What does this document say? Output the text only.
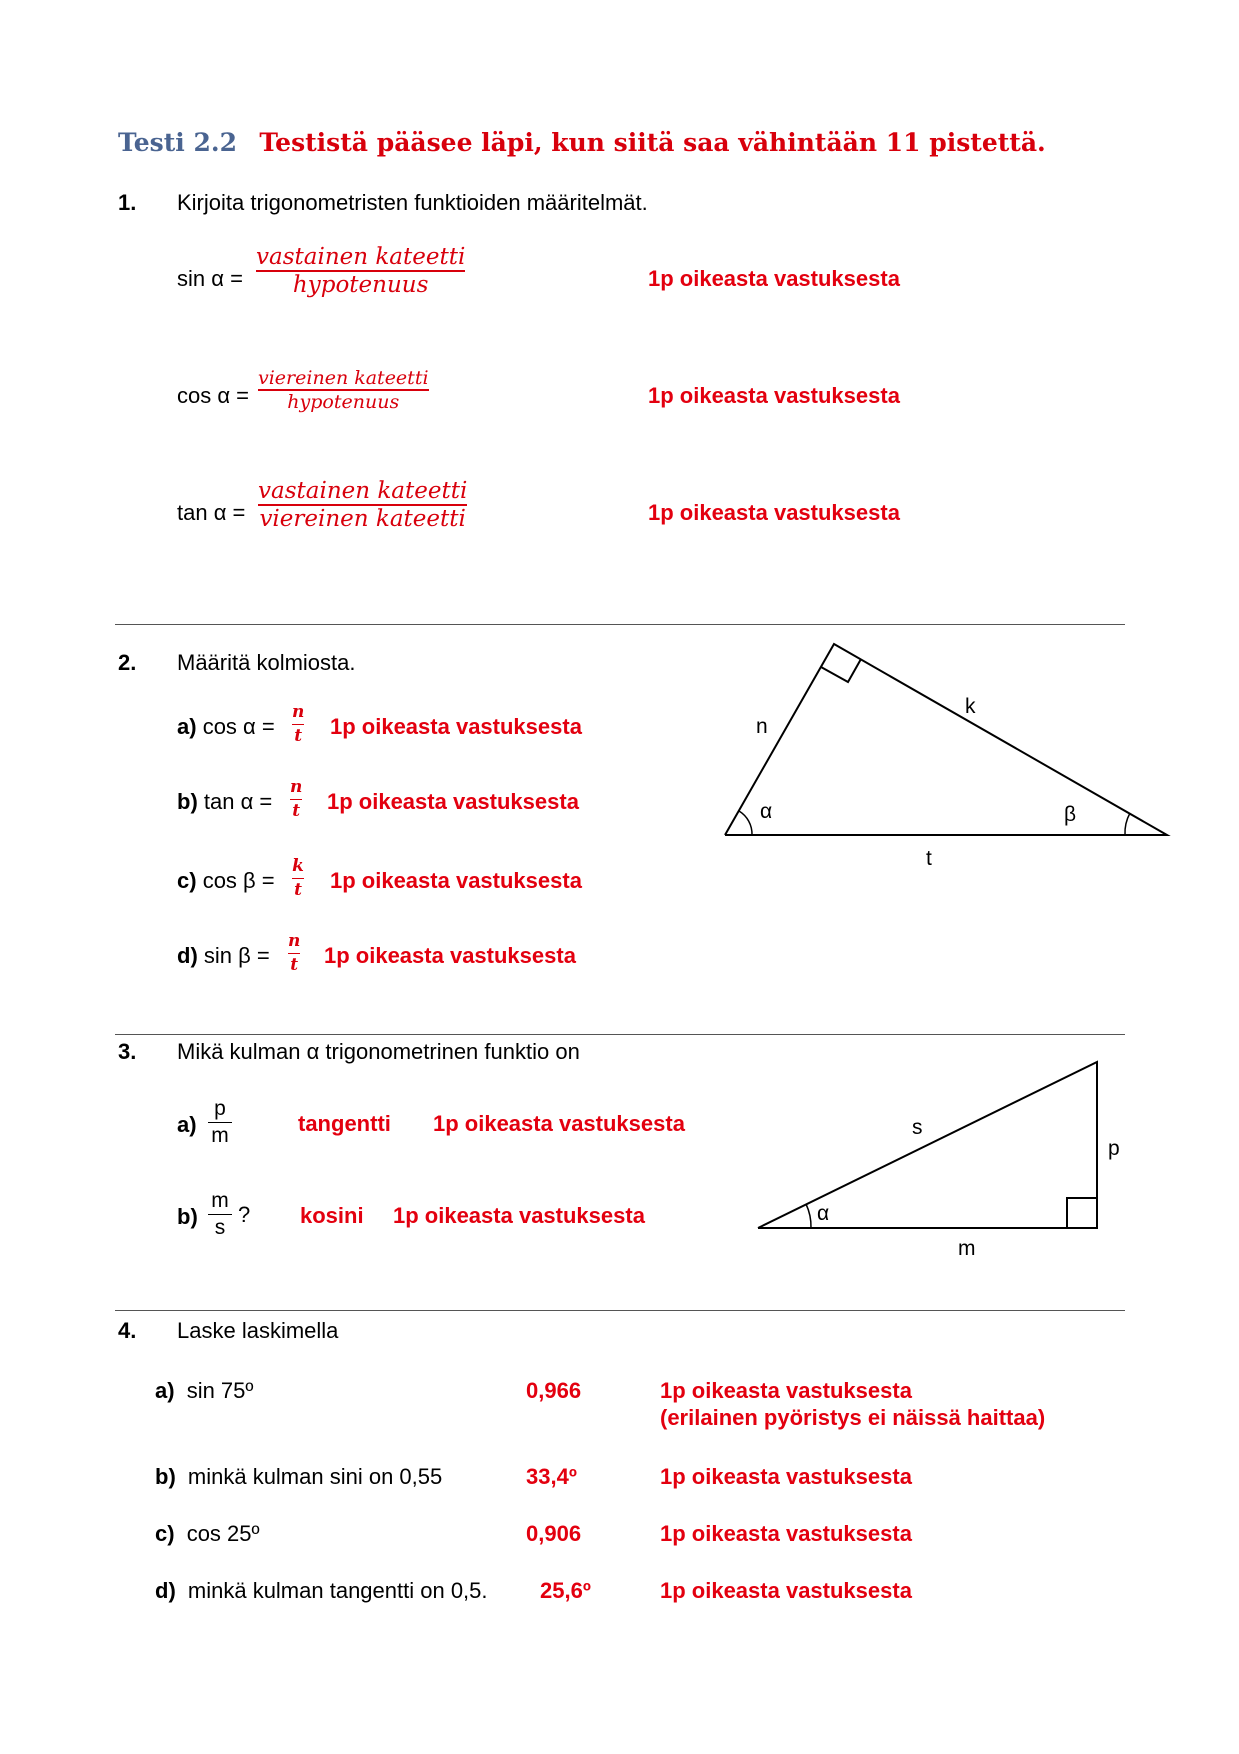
Testi 2.2 Testistä pääsee läpi, kun siitä saa vähintään 11 pistettä.
1. Kirjoita trigonometristen funktioiden määritelmät.
sin α =
vastainen kateetti
hypotenuus	1p oikeasta vastuksesta
cos α =
viereinen kateetti
hypotenuus	1p oikeasta vastuksesta
tan α =
vastainen kateetti
viereinen kateetti	1p oikeasta vastuksesta
2. Määritä kolmiosta.
a) cos α =
n
t 1p oikeasta vastuksesta
b) tan α =
n
t 1p oikeasta vastuksesta
c) cos β =
k
t 1p oikeasta vastuksesta
d) sin β =
n
t 1p oikeasta vastuksesta
n
k
t
α	β
3. Mikä kulman α trigonometrinen funktio on
a)
p
m	tangentti 1p oikeasta vastuksesta
b)
m
s
? kosini 1p oikeasta vastuksesta
s
p
m
α
4. Laske laskimella
a) sin 75º	0,966	1p oikeasta vastuksesta
(erilainen pyöristys ei näissä haittaa)
b) minkä kulman sini on 0,55	33,4º	1p oikeasta vastuksesta
c) cos 25º	0,906	1p oikeasta vastuksesta
d) minkä kulman tangentti on 0,5. 25,6º	1p oikeasta vastuksesta
